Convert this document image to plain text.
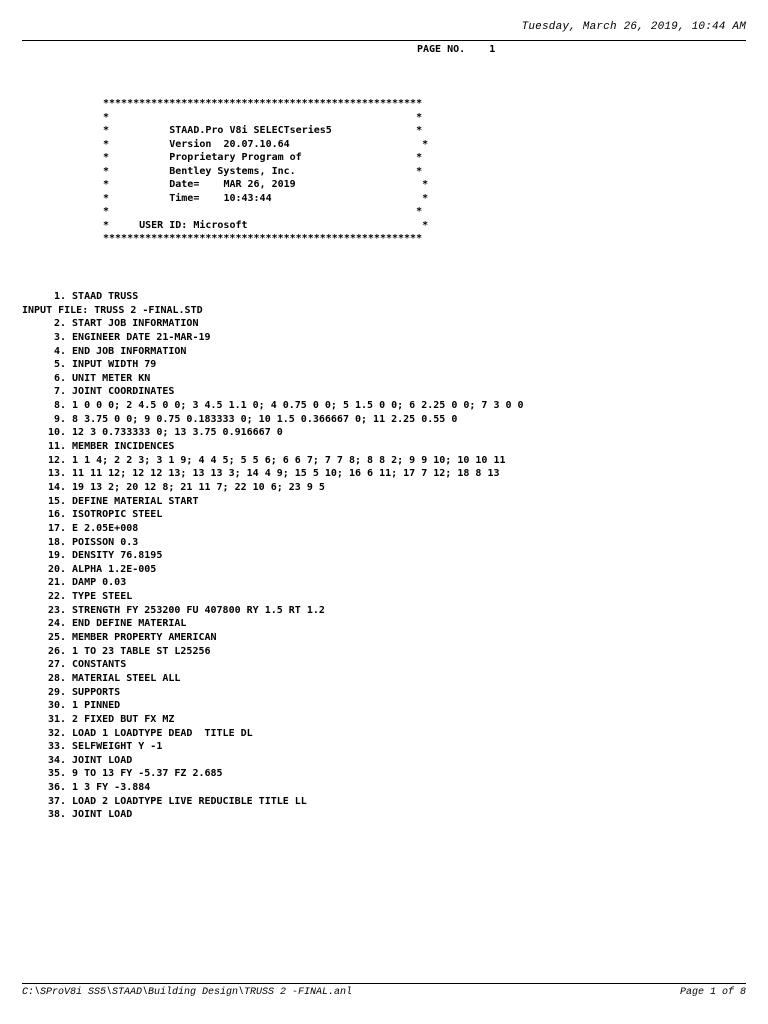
Tuesday, March 26, 2019, 10:44 AM
PAGE NO. 1
*****************************************************
*                                                   *
*	STAAD.Pro V8i SELECTseries5	*
*	Version 20.07.10.64	*
*	Proprietary Program of	*
*	Bentley Systems, Inc.	*
*	Date= MAR 26, 2019	*
*	Time= 10:43:44	*
*                                                   *
*	USER ID: Microsoft	*
*****************************************************
1. STAAD TRUSS
INPUT FILE: TRUSS 2 -FINAL.STD
2. START JOB INFORMATION
3. ENGINEER DATE 21-MAR-19
4. END JOB INFORMATION
5. INPUT WIDTH 79
6. UNIT METER KN
7. JOINT COORDINATES
8. 1 0 0 0; 2 4.5 0 0; 3 4.5 1.1 0; 4 0.75 0 0; 5 1.5 0 0; 6 2.25 0 0; 7 3 0 0
9. 8 3.75 0 0; 9 0.75 0.183333 0; 10 1.5 0.366667 0; 11 2.25 0.55 0
10. 12 3 0.733333 0; 13 3.75 0.916667 0
11. MEMBER INCIDENCES
12. 1 1 4; 2 2 3; 3 1 9; 4 4 5; 5 5 6; 6 6 7; 7 7 8; 8 8 2; 9 9 10; 10 10 11
13. 11 11 12; 12 12 13; 13 13 3; 14 4 9; 15 5 10; 16 6 11; 17 7 12; 18 8 13
14. 19 13 2; 20 12 8; 21 11 7; 22 10 6; 23 9 5
15. DEFINE MATERIAL START
16. ISOTROPIC STEEL
17. E 2.05E+008
18. POISSON 0.3
19. DENSITY 76.8195
20. ALPHA 1.2E-005
21. DAMP 0.03
22. TYPE STEEL
23. STRENGTH FY 253200 FU 407800 RY 1.5 RT 1.2
24. END DEFINE MATERIAL
25. MEMBER PROPERTY AMERICAN
26. 1 TO 23 TABLE ST L25256
27. CONSTANTS
28. MATERIAL STEEL ALL
29. SUPPORTS
30. 1 PINNED
31. 2 FIXED BUT FX MZ
32. LOAD 1 LOADTYPE DEAD  TITLE DL
33. SELFWEIGHT Y -1
34. JOINT LOAD
35. 9 TO 13 FY -5.37 FZ 2.685
36. 1 3 FY -3.884
37. LOAD 2 LOADTYPE LIVE REDUCIBLE TITLE LL
38. JOINT LOAD
C:\SProV8i SS5\STAAD\Building Design\TRUSS 2 -FINAL.anl	Page 1 of 8
